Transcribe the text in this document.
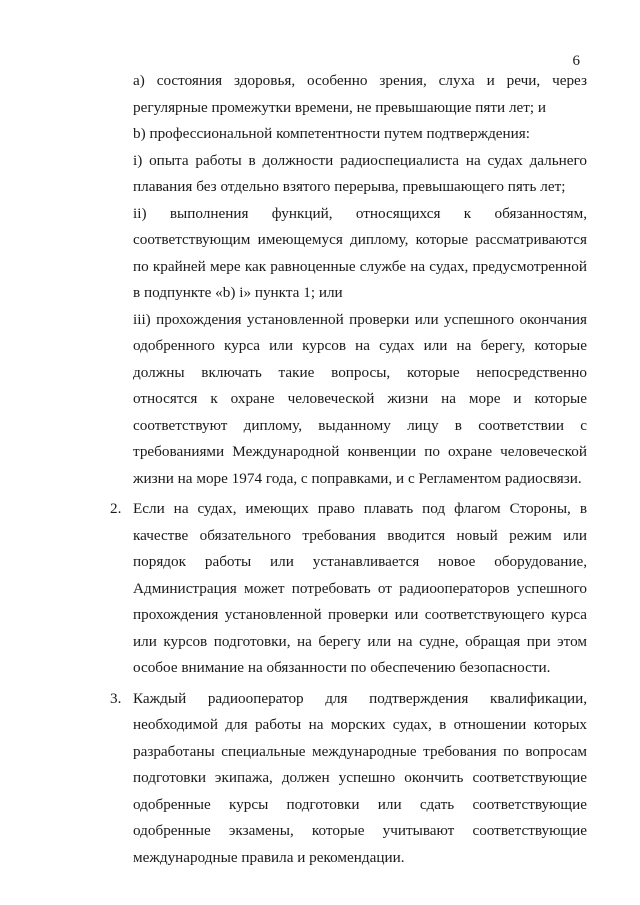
6

a) состояния здоровья, особенно зрения, слуха и речи, через регулярные промежутки времени, не превышающие пяти лет; и

b) профессиональной компетентности путем подтверждения:

i) опыта работы в должности радиоспециалиста на судах дальнего плавания без отдельно взятого перерыва, превышающего пять лет;

ii) выполнения функций, относящихся к обязанностям, соответствующим имеющемуся диплому, которые рассматриваются по крайней мере как равноценные службе на судах, предусмотренной в подпункте «b) i» пункта 1; или

iii) прохождения установленной проверки или успешного окончания одобренного курса или курсов на судах или на берегу, которые должны включать такие вопросы, которые непосредственно относятся к охране человеческой жизни на море и которые соответствуют диплому, выданному лицу в соответствии с требованиями Международной конвенции по охране человеческой жизни на море 1974 года, с поправками, и с Регламентом радиосвязи.

2. Если на судах, имеющих право плавать под флагом Стороны, в качестве обязательного требования вводится новый режим или порядок работы или устанавливается новое оборудование, Администрация может потребовать от радиооператоров успешного прохождения установленной проверки или соответствующего курса или курсов подготовки, на берегу или на судне, обращая при этом особое внимание на обязанности по обеспечению безопасности.
3. Каждый радиооператор для подтверждения квалификации, необходимой для работы на морских судах, в отношении которых разработаны специальные международные требования по вопросам подготовки экипажа, должен успешно окончить соответствующие одобренные курсы подготовки или сдать соответствующие одобренные экзамены, которые учитывают соответствующие международные правила и рекомендации.
